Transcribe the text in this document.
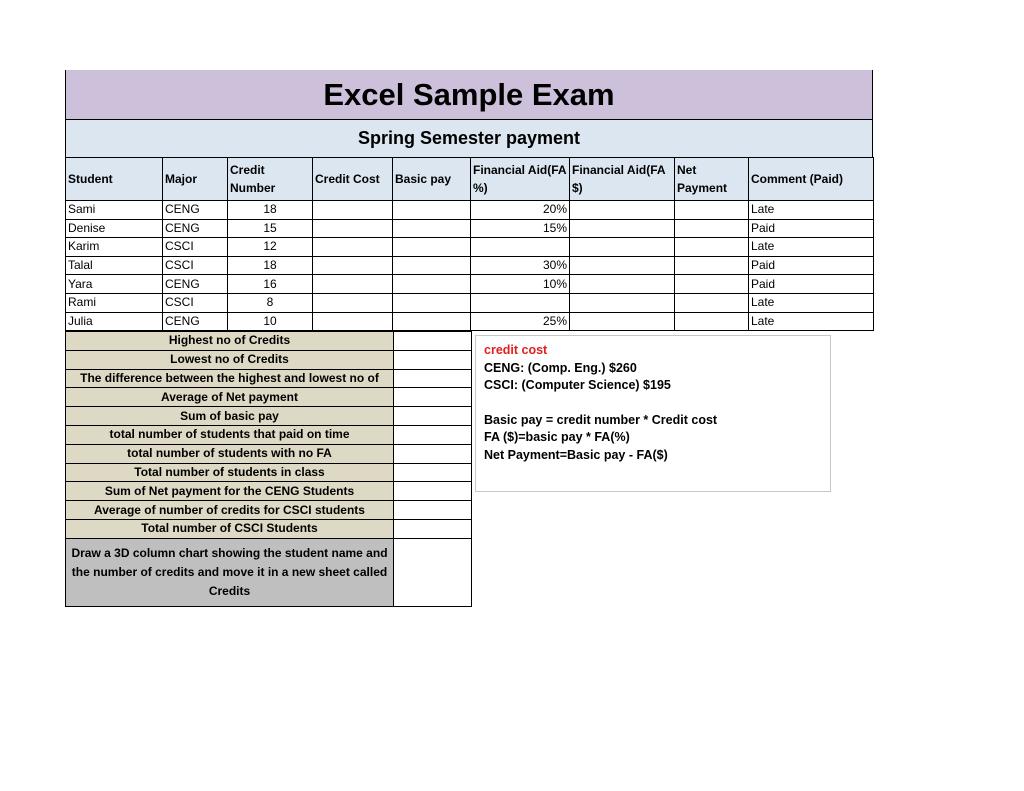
Excel Sample Exam
Spring Semester payment
Student	Major	Credit Number	Credit Cost	Basic pay	Financial Aid(FA %)	Financial Aid(FA $)	Net Payment	Comment (Paid)
Sami	CENG	18			20%			Late
Denise	CENG	15			15%			Paid
Karim	CSCI	12						Late
Talal	CSCI	18			30%			Paid
Yara	CENG	16			10%			Paid
Rami	CSCI	8						Late
Julia	CENG	10			25%			Late
Highest no of Credits	
Lowest no of Credits	
The difference between the highest and lowest no of	
Average of Net payment	
Sum of basic pay	
total number of students that paid on time	
total number of students with no FA	
Total number of students in class	
Sum of Net payment for the CENG Students	
Average of number of credits for CSCI students	
Total number of CSCI Students	
Draw a 3D column chart showing the student name and the number of credits and move it in a new sheet called Credits	
credit cost
CENG: (Comp. Eng.) $260
CSCI: (Computer Science) $195
Basic pay = credit number * Credit cost
FA ($)=basic pay * FA(%)
Net Payment=Basic pay - FA($)
